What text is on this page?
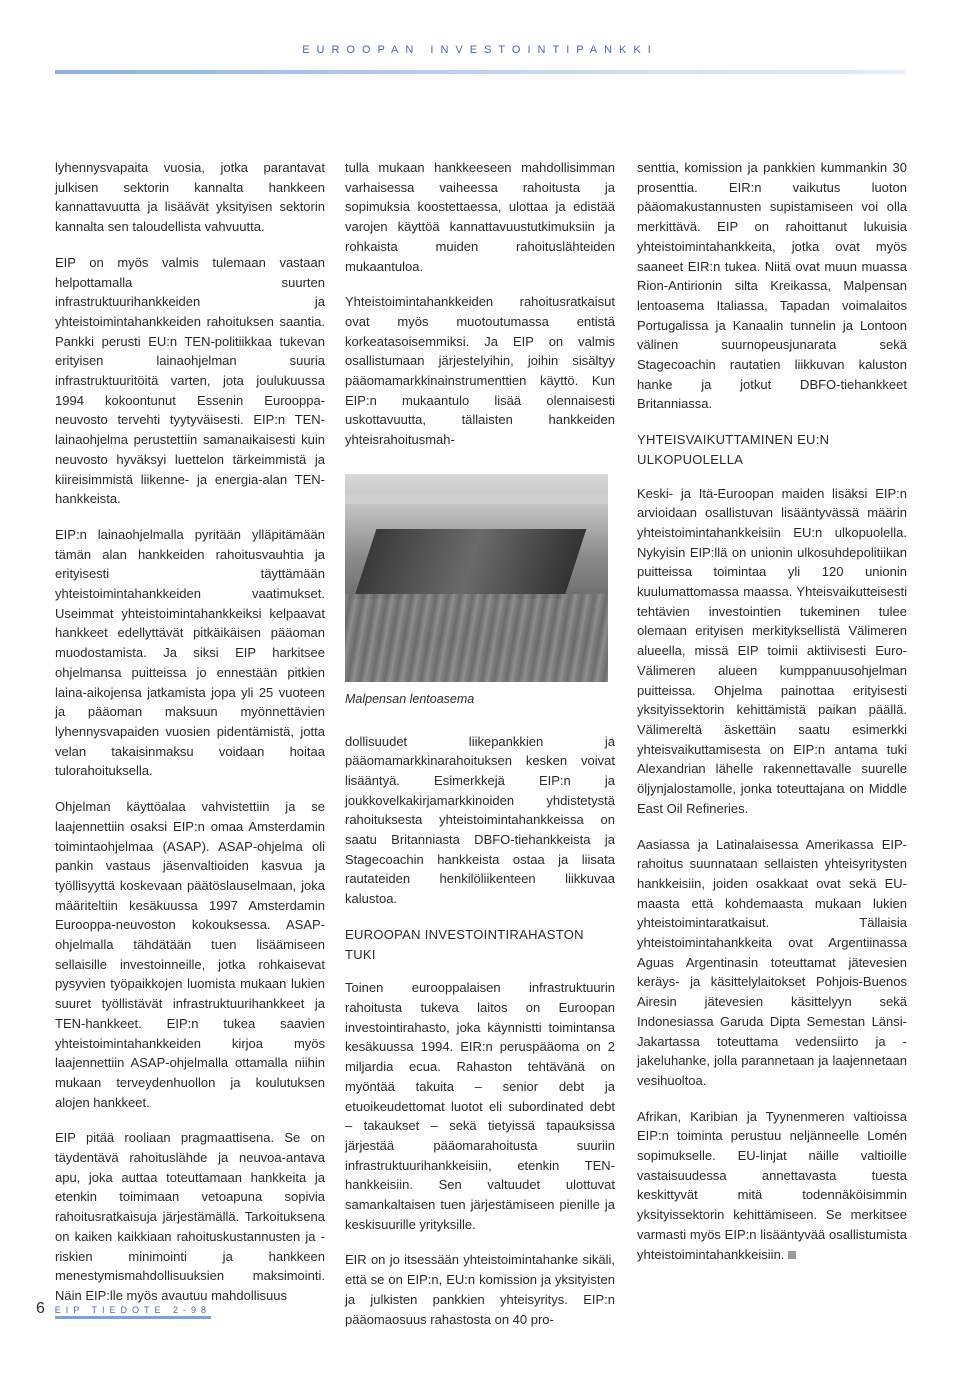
EUROOPAN INVESTOINTIPANKKI

lyhennysvapaita vuosia, jotka parantavat julkisen sektorin kannalta hankkeen kannattavuutta ja lisäävät yksityisen sektorin kannalta sen taloudellista vahvuutta.

EIP on myös valmis tulemaan vastaan helpottamalla suurten infrastruktuurihankkeiden ja yhteistoimintahankkeiden rahoituksen saantia. Pankki perusti EU:n TEN-politiikkaa tukevan erityisen lainaohjelman suuria infrastruktuuritöitä varten, jota joulukuussa 1994 kokoontunut Essenin Eurooppa-neuvosto tervehti tyytyväisesti. EIP:n TEN-lainaohjelma perustettiin samanaikaisesti kuin neuvosto hyväksyi luettelon tärkeimmistä ja kiireisimmistä liikenne- ja energia-alan TEN-hankkeista.

EIP:n lainaohjelmalla pyritään ylläpitämään tämän alan hankkeiden rahoitusvauhtia ja erityisesti täyttämään yhteistoimintahankkeiden vaatimukset. Useimmat yhteistoimintahankkeiksi kelpaavat hankkeet edellyttävät pitkäikäisen pääoman muodostamista. Ja siksi EIP harkitsee ohjelmansa puitteissa jo ennestään pitkien laina-aikojensa jatkamista jopa yli 25 vuoteen ja pääoman maksuun myönnettävien lyhennysvapaiden vuosien pidentämistä, jotta velan takaisinmaksu voidaan hoitaa tulorahoituksella.

Ohjelman käyttöalaa vahvistettiin ja se laajennettiin osaksi EIP:n omaa Amsterdamin toimintaohjelmaa (ASAP). ASAP-ohjelma oli pankin vastaus jäsenvaltioiden kasvua ja työllisyyttä koskevaan päätöslauselmaan, joka määriteltiin kesäkuussa 1997 Amsterdamin Eurooppa-neuvoston kokouksessa. ASAP-ohjelmalla tähdätään tuen lisäämiseen sellaisille investoinneille, jotka rohkaisevat pysyvien työpaikkojen luomista mukaan lukien suuret työllistävät infrastruktuurihankkeet ja TEN-hankkeet. EIP:n tukea saavien yhteistoimintahankkeiden kirjoa myös laajennettiin ASAP-ohjelmalla ottamalla niihin mukaan terveydenhuollon ja koulutuksen alojen hankkeet.

EIP pitää rooliaan pragmaattisena. Se on täydentävä rahoituslähde ja neuvoa-antava apu, joka auttaa toteuttamaan hankkeita ja etenkin toimimaan vetoapuna sopivia rahoitusratkaisuja järjestämällä. Tarkoituksena on kaiken kaikkiaan rahoituskustannusten ja -riskien minimointi ja hankkeen menestymismahdollisuuksien maksimointi. Näin EIP:lle myös avautuu mahdollisuus

tulla mukaan hankkeeseen mahdollisimman varhaisessa vaiheessa rahoitusta ja sopimuksia koostettaessa, ulottaa ja edistää varojen käyttöä kannattavuustutkimuksiin ja rohkaista muiden rahoituslähteiden mukaantuloa.

Yhteistoimintahankkeiden rahoitusratkaisut ovat myös muotoutumassa entistä korkeatasoisemmiksi. Ja EIP on valmis osallistumaan järjestelyihin, joihin sisältyy pääomamarkkinainstrumenttien käyttö. Kun EIP:n mukaantulo lisää olennaisesti uskottavuutta, tällaisten hankkeiden yhteisrahoitusmah-

Malpensan lentoasema

dollisuudet liikepankkien ja pääomamarkkinarahoituksen kesken voivat lisääntyä. Esimerkkejä EIP:n ja joukkovelkakirjamarkkinoiden yhdistetystä rahoituksesta yhteistoimintahankkeissa on saatu Britanniasta DBFO-tiehankkeista ja Stagecoachin hankkeista ostaa ja liisata rautateiden henkilöliikenteen liikkuvaa kalustoa.

EUROOPAN INVESTOINTIRAHASTON TUKI

Toinen eurooppalaisen infrastruktuurin rahoitusta tukeva laitos on Euroopan investointirahasto, joka käynnistti toimintansa kesäkuussa 1994. EIR:n peruspääoma on 2 miljardia ecua. Rahaston tehtävänä on myöntää takuita – senior debt ja etuoikeudettomat luotot eli subordinated debt – takaukset – sekä tietyissä tapauksissa järjestää pääomarahoitusta suuriin infrastruktuurihankkeisiin, etenkin TEN-hankkeisiin. Sen valtuudet ulottuvat samankaltaisen tuen järjestämiseen pienille ja keskisuurille yrityksille.

EIR on jo itsessään yhteistoimintahanke sikäli, että se on EIP:n, EU:n komission ja yksityisten ja julkisten pankkien yhteisyritys. EIP:n pääomaosuus rahastosta on 40 pro-

senttia, komission ja pankkien kummankin 30 prosenttia. EIR:n vaikutus luoton pääomakustannusten supistamiseen voi olla merkittävä. EIP on rahoittanut lukuisia yhteistoimintahankkeita, jotka ovat myös saaneet EIR:n tukea. Niitä ovat muun muassa Rion-Antirionin silta Kreikassa, Malpensan lentoasema Italiassa, Tapadan voimalaitos Portugalissa ja Kanaalin tunnelin ja Lontoon välinen suurnopeusjunarata sekä Stagecoachin rautatien liikkuvan kaluston hanke ja jotkut DBFO-tiehankkeet Britanniassa.

YHTEISVAIKUTTAMINEN EU:N ULKOPUOLELLA

Keski- ja Itä-Euroopan maiden lisäksi EIP:n arvioidaan osallistuvan lisääntyvässä määrin yhteistoimintahankkeisiin EU:n ulkopuolella. Nykyisin EIP:llä on unionin ulkosuhdepolitiikan puitteissa toimintaa yli 120 unionin kuulumattomassa maassa. Yhteisvaikutteisesti tehtävien investointien tukeminen tulee olemaan erityisen merkityksellistä Välimeren alueella, missä EIP toimii aktiivisesti Euro-Välimeren alueen kumppanuusohjelman puitteissa. Ohjelma painottaa erityisesti yksityissektorin kehittämistä paikan päällä. Välimereltä äskettäin saatu esimerkki yhteisvaikuttamisesta on EIP:n antama tuki Alexandrian lähelle rakennettavalle suurelle öljynjalostamolle, jonka toteuttajana on Middle East Oil Refineries.

Aasiassa ja Latinalaisessa Amerikassa EIP-rahoitus suunnataan sellaisten yhteisyritysten hankkeisiin, joiden osakkaat ovat sekä EU-maasta että kohdemaasta mukaan lukien yhteistoimintaratkaisut. Tällaisia yhteistoimintahankkeita ovat Argentiinassa Aguas Argentinasin toteuttamat jätevesien keräys- ja käsittelylaitokset Pohjois-Buenos Airesin jätevesien käsittelyyn sekä Indonesiassa Garuda Dipta Semestan Länsi-Jakartassa toteuttama vedensiirto ja -jakeluhanke, jolla parannetaan ja laajennetaan vesihuoltoa.

Afrikan, Karibian ja Tyynenmeren valtioissa EIP:n toiminta perustuu neljänneelle Lomén sopimukselle. EU-linjat näille valtioille vastaisuudessa annettavasta tuesta keskittyvät mitä todennäköisimmin yksityissektorin kehittämiseen. Se merkitsee varmasti myös EIP:n lisääntyvää osallistumista yhteistoimintahankkeisiin.

6 EIP TIEDOTE 2-98
